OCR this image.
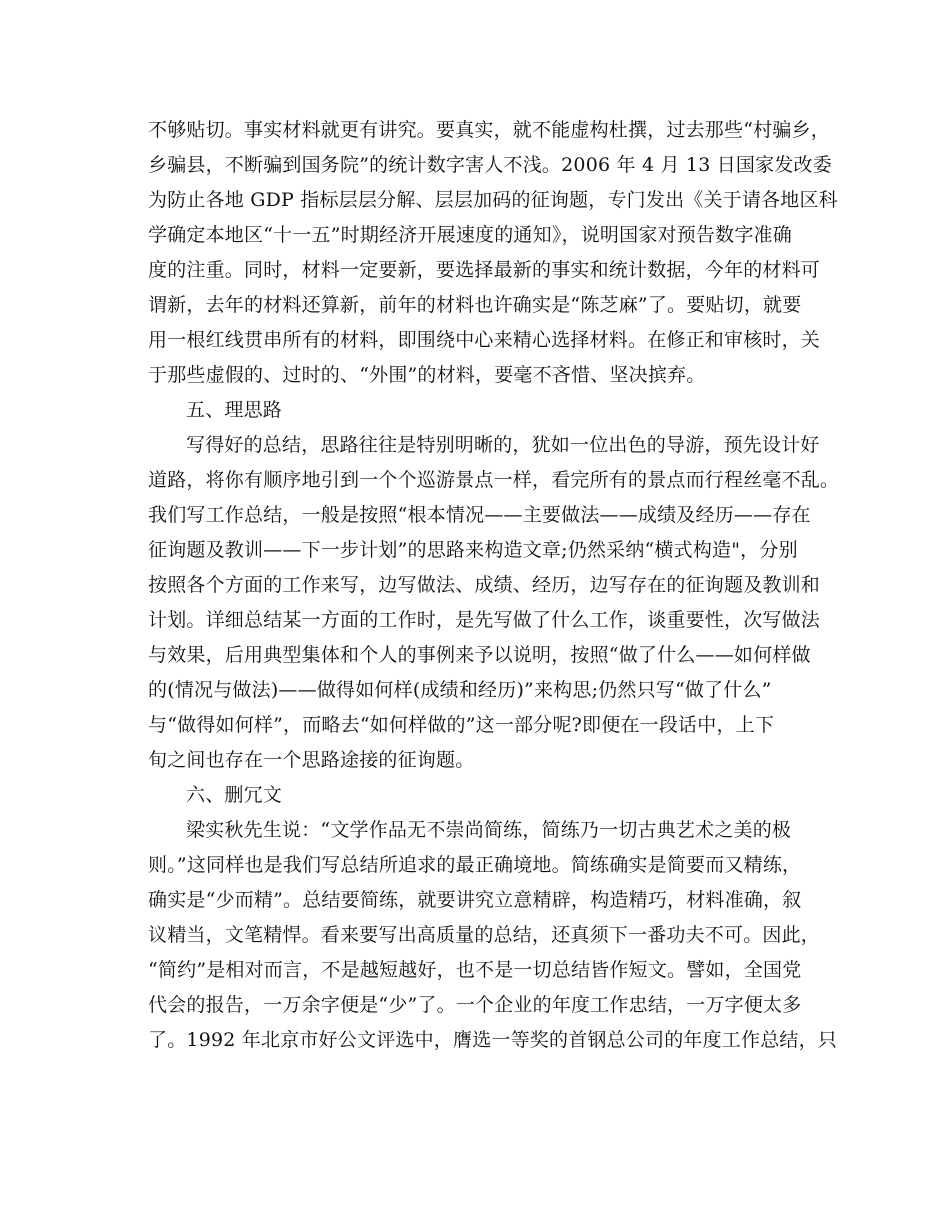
不够贴切。事实材料就更有讲究。要真实，就不能虚构杜撰，过去那些“村骗乡，
乡骗县，不断骗到国务院”的统计数字害人不浅。2006 年 4 月 13 日国家发改委
为防止各地 GDP 指标层层分解、层层加码的征询题，专门发出《关于请各地区科
学确定本地区“十一五”时期经济开展速度的通知》，说明国家对预告数字准确
度的注重。同时，材料一定要新，要选择最新的事实和统计数据，今年的材料可
谓新，去年的材料还算新，前年的材料也许确实是“陈芝麻”了。要贴切，就要
用一根红线贯串所有的材料，即围绕中心来精心选择材料。在修正和审核时，关
于那些虚假的、过时的、“外围”的材料，要毫不吝惜、坚决摈弃。
五、理思路
写得好的总结，思路往往是特别明晰的，犹如一位出色的导游，预先设计好
道路，将你有顺序地引到一个个巡游景点一样，看完所有的景点而行程丝毫不乱。
我们写工作总结，一般是按照“根本情况——主要做法——成绩及经历——存在
征询题及教训——下一步计划”的思路来构造文章;仍然采纳“横式构造"，分别
按照各个方面的工作来写，边写做法、成绩、经历，边写存在的征询题及教训和
计划。详细总结某一方面的工作时，是先写做了什么工作，谈重要性，次写做法
与效果，后用典型集体和个人的事例来予以说明，按照“做了什么——如何样做
的(情况与做法)——做得如何样(成绩和经历)”来构思;仍然只写“做了什么”
与“做得如何样”，而略去“如何样做的”这一部分呢?即便在一段话中，上下
旬之间也存在一个思路途接的征询题。
六、删冗文
梁实秋先生说：“文学作品无不崇尚简练，简练乃一切古典艺术之美的极
则。”这同样也是我们写总结所追求的最正确境地。简练确实是简要而又精练，
确实是“少而精”。总结要简练，就要讲究立意精辟，构造精巧，材料准确，叙
议精当，文笔精悍。看来要写出高质量的总结，还真须下一番功夫不可。因此，
“简约”是相对而言，不是越短越好，也不是一切总结皆作短文。譬如，全国党
代会的报告，一万余字便是“少”了。一个企业的年度工作忠结，一万字便太多
了。1992 年北京市好公文评选中，膺选一等奖的首钢总公司的年度工作总结，只
